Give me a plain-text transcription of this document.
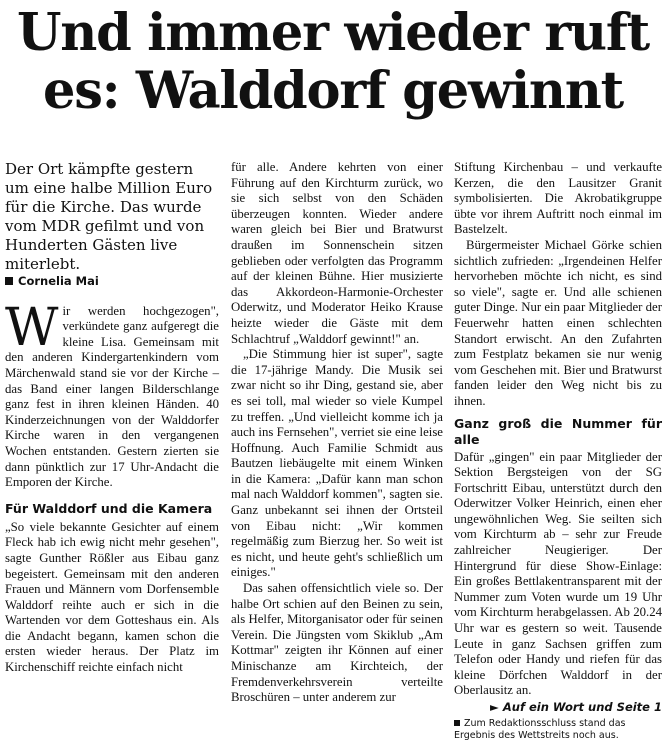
Und immer wieder ruft
es: Walddorf gewinnt

Der Ort kämpfte gestern um eine halbe Million Euro für die Kirche. Das wurde vom MDR gefilmt und von Hunderten Gästen live miterlebt.

Cornelia Mai

Wir werden hochgezogen", verkündete ganz aufgeregt die kleine Lisa. Gemeinsam mit den anderen Kindergartenkindern vom Märchenwald stand sie vor der Kirche – das Band einer langen Bilderschlange ganz fest in ihren kleinen Händen. 40 Kinderzeichnungen von der Walddorfer Kirche waren in den vergangenen Wochen entstanden. Gestern zierten sie dann pünktlich zur 17 Uhr-Andacht die Emporen der Kirche.

Für Walddorf und die Kamera

„So viele bekannte Gesichter auf einem Fleck hab ich ewig nicht mehr gesehen", sagte Gunther Rößler aus Eibau ganz begeistert. Gemeinsam mit den anderen Frauen und Männern vom Dorfensemble Walddorf reihte auch er sich in die Wartenden vor dem Gotteshaus ein. Als die Andacht begann, kamen schon die ersten wieder heraus. Der Platz im Kirchenschiff reichte einfach nicht

für alle. Andere kehrten von einer Führung auf den Kirchturm zurück, wo sie sich selbst von den Schäden überzeugen konnten. Wieder andere waren gleich bei Bier und Bratwurst draußen im Sonnenschein sitzen geblieben oder verfolgten das Programm auf der kleinen Bühne. Hier musizierte das Akkordeon-Harmonie-Orchester Oderwitz, und Moderator Heiko Krause heizte wieder die Gäste mit dem Schlachtruf „Walddorf gewinnt!" an.

„Die Stimmung hier ist super", sagte die 17-jährige Mandy. Die Musik sei zwar nicht so ihr Ding, gestand sie, aber es sei toll, mal wieder so viele Kumpel zu treffen. „Und vielleicht komme ich ja auch ins Fernsehen", verriet sie eine leise Hoffnung. Auch Familie Schmidt aus Bautzen liebäugelte mit einem Winken in die Kamera: „Dafür kann man schon mal nach Walddorf kommen", sagten sie. Ganz unbekannt sei ihnen der Ortsteil von Eibau nicht: „Wir kommen regelmäßig zum Bierzug her. So weit ist es nicht, und heute geht's schließlich um einiges."

Das sahen offensichtlich viele so. Der halbe Ort schien auf den Beinen zu sein, als Helfer, Mitorganisator oder für seinen Verein. Die Jüngsten vom Skiklub „Am Kottmar" zeigten ihr Können auf einer Minischanze am Kirchteich, der Fremdenverkehrsverein verteilte Broschüren – unter anderem zur

Stiftung Kirchenbau – und verkaufte Kerzen, die den Lausitzer Granit symbolisierten. Die Akrobatikgruppe übte vor ihrem Auftritt noch einmal im Bastelzelt.

Bürgermeister Michael Görke schien sichtlich zufrieden: „Irgendeinen Helfer hervorheben möchte ich nicht, es sind so viele", sagte er. Und alle schienen guter Dinge. Nur ein paar Mitglieder der Feuerwehr hatten einen schlechten Standort erwischt. An den Zufahrten zum Festplatz bekamen sie nur wenig vom Geschehen mit. Bier und Bratwurst fanden leider den Weg nicht bis zu ihnen.

Ganz groß die Nummer für alle

Dafür „gingen" ein paar Mitglieder der Sektion Bergsteigen von der SG Fortschritt Eibau, unterstützt durch den Oderwitzer Volker Heinrich, einen eher ungewöhnlichen Weg. Sie seilten sich vom Kirchturm ab – sehr zur Freude zahlreicher Neugieriger. Der Hintergrund für diese Show-Einlage: Ein großes Bettlakentransparent mit der Nummer zum Voten wurde um 19 Uhr vom Kirchturm herabgelassen. Ab 20.24 Uhr war es gestern so weit. Tausende Leute in ganz Sachsen griffen zum Telefon oder Handy und riefen für das kleine Dörfchen Walddorf in der Oberlausitz an.

► Auf ein Wort und Seite 1
Zum Redaktionsschluss stand das Ergebnis des Wettstreits noch aus.
